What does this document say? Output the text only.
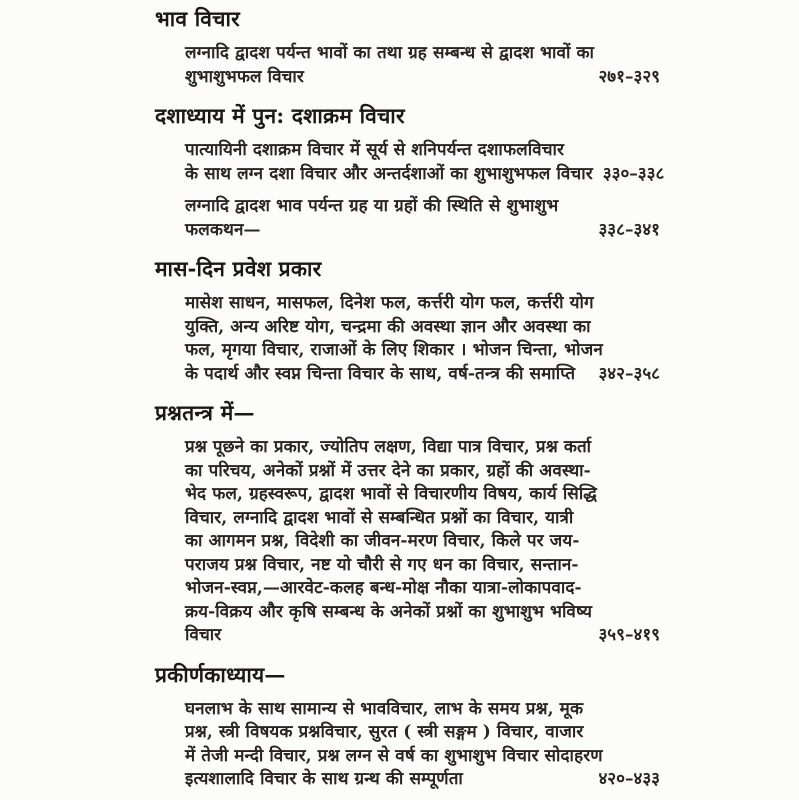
भाव विचार
लग्नादि द्वादश पर्यन्त भावों का तथा ग्रह सम्बन्ध से द्वादश भावों का
शुभाशुभफल विचार	२७१–३२९
दशाध्याय में पुन: दशाक्रम विचार
पात्यायिनी दशाक्रम विचार में सूर्य से शनिपर्यन्त दशाफलविचार
के साथ लग्न दशा विचार और अन्तर्दशाओं का शुभाशुभफल विचार ३३०–३३८
लग्नादि द्वादश भाव पर्यन्त ग्रह या ग्रहों की स्थिति से शुभाशुभ
फलकथन—	३३८–३४१
मास-दिन प्रवेश प्रकार
मासेश साधन, मासफल, दिनेश फल, कर्त्तरी योग फल, कर्त्तरी योग
युक्ति, अन्य अरिष्ट योग, चन्द्रमा की अवस्था ज्ञान और अवस्था का
फल, मृगया विचार, राजाओं के लिए शिकार । भोजन चिन्ता, भोजन
के पदार्थ और स्वप्न चिन्ता विचार के साथ, वर्ष-तन्त्र की समाप्ति ३४२–३५८
प्रश्नतन्त्र में—
प्रश्न पूछने का प्रकार, ज्योतिप लक्षण, विद्या पात्र विचार, प्रश्न कर्ता
का परिचय, अनेकों प्रश्नों में उत्तर देने का प्रकार, ग्रहों की अवस्था-
भेद फल, ग्रहस्वरूप, द्वादश भावों से विचारणीय विषय, कार्य सिद्धि
विचार, लग्नादि द्वादश भावों से सम्बन्धित प्रश्नों का विचार, यात्री
का आगमन प्रश्न, विदेशी का जीवन-मरण विचार, किले पर जय-
पराजय प्रश्न विचार, नष्ट यो चौरी से गए धन का विचार, सन्तान-
भोजन-स्वप्न,—आरवेट-कलह बन्ध-मोक्ष नौका यात्रा-लोकापवाद-
क्रय-विक्रय और कृषि सम्बन्ध के अनेकों प्रश्नों का शुभाशुभ भविष्य
विचार	३५९–४१९
प्रकीर्णकाध्याय—
घनलाभ के साथ सामान्य से भावविचार, लाभ के समय प्रश्न, मूक
प्रश्न, स्त्री विषयक प्रश्नविचार, सुरत ( स्त्री सङ्गम ) विचार, वाजार
में तेजी मन्दी विचार, प्रश्न लग्न से वर्ष का शुभाशुभ विचार सोदाहरण
इत्यशालादि विचार के साथ ग्रन्थ की सम्पूर्णता	४२०–४३३
